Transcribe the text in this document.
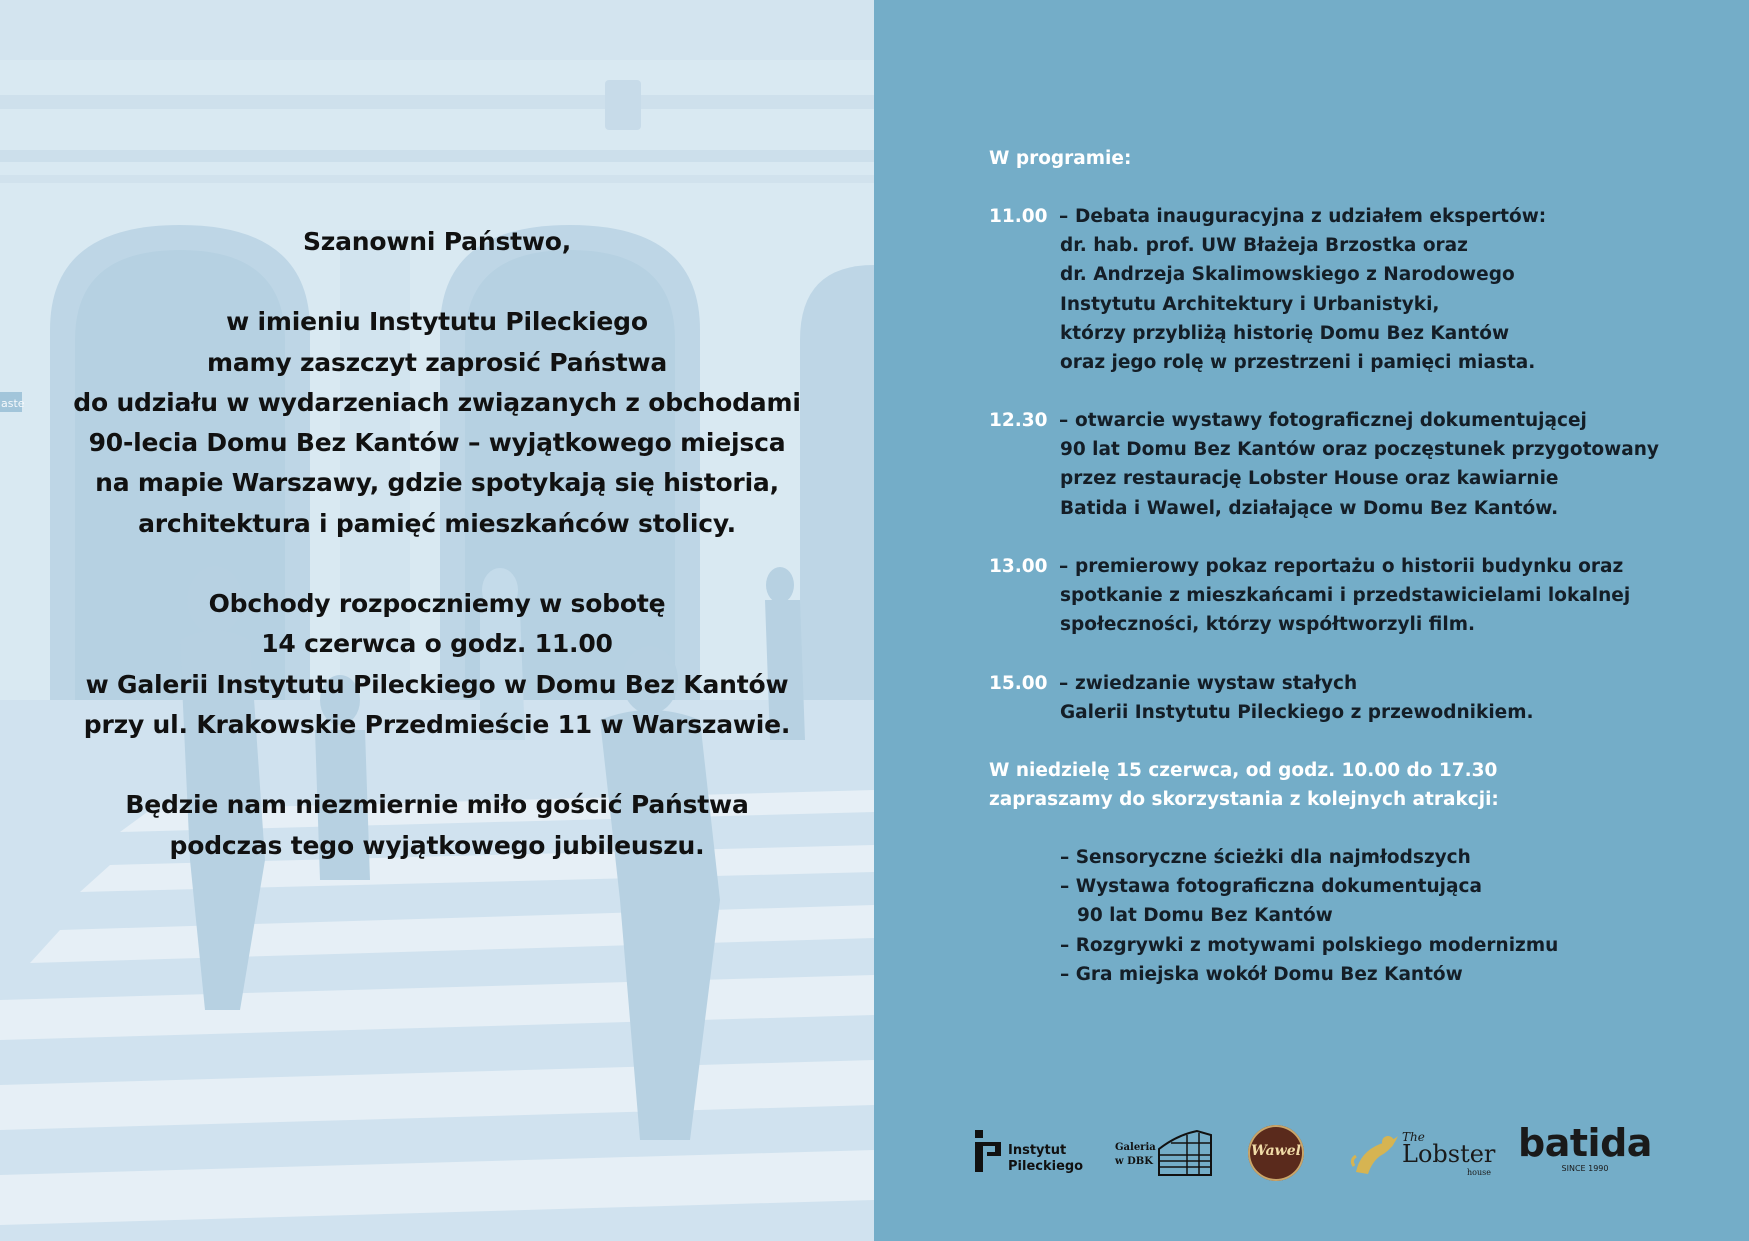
aste

Szanowni Państwo,

w imieniu Instytutu Pileckiego

mamy zaszczyt zaprosić Państwa

do udziału w wydarzeniach związanych z obchodami

90-lecia Domu Bez Kantów – wyjątkowego miejsca

na mapie Warszawy, gdzie spotykają się historia,

architektura i pamięć mieszkańców stolicy.

Obchody rozpoczniemy w sobotę

14 czerwca o godz. 11.00

w Galerii Instytutu Pileckiego w Domu Bez Kantów

przy ul. Krakowskie Przedmieście 11 w Warszawie.

Będzie nam niezmiernie miło gościć Państwa

podczas tego wyjątkowego jubileuszu.

W programie:
11.00 – Debata inauguracyjna z udziałem ekspertów:
dr. hab. prof. UW Błażeja Brzostka oraz
dr. Andrzeja Skalimowskiego z Narodowego
Instytutu Architektury i Urbanistyki,
którzy przybliżą historię Domu Bez Kantów
oraz jego rolę w przestrzeni i pamięci miasta.
12.30 – otwarcie wystawy fotograficznej dokumentującej
90 lat Domu Bez Kantów oraz poczęstunek przygotowany
przez restaurację Lobster House oraz kawiarnie
Batida i Wawel, działające w Domu Bez Kantów.
13.00 – premierowy pokaz reportażu o historii budynku oraz
spotkanie z mieszkańcami i przedstawicielami lokalnej
społeczności, którzy współtworzyli film.
15.00 – zwiedzanie wystaw stałych
Galerii Instytutu Pileckiego z przewodnikiem.
W niedzielę 15 czerwca, od godz. 10.00 do 17.30 zapraszamy do skorzystania z kolejnych atrakcji:
– Sensoryczne ścieżki dla najmłodszych
– Wystawa fotograficzna dokumentująca
90 lat Domu Bez Kantów
– Rozgrywki z motywami polskiego modernizmu
– Gra miejska wokół Domu Bez Kantów
Instytut
Pileckiego
Galeria
w DBK
Wawel
The
Lobster
house
batida
SINCE 1990
